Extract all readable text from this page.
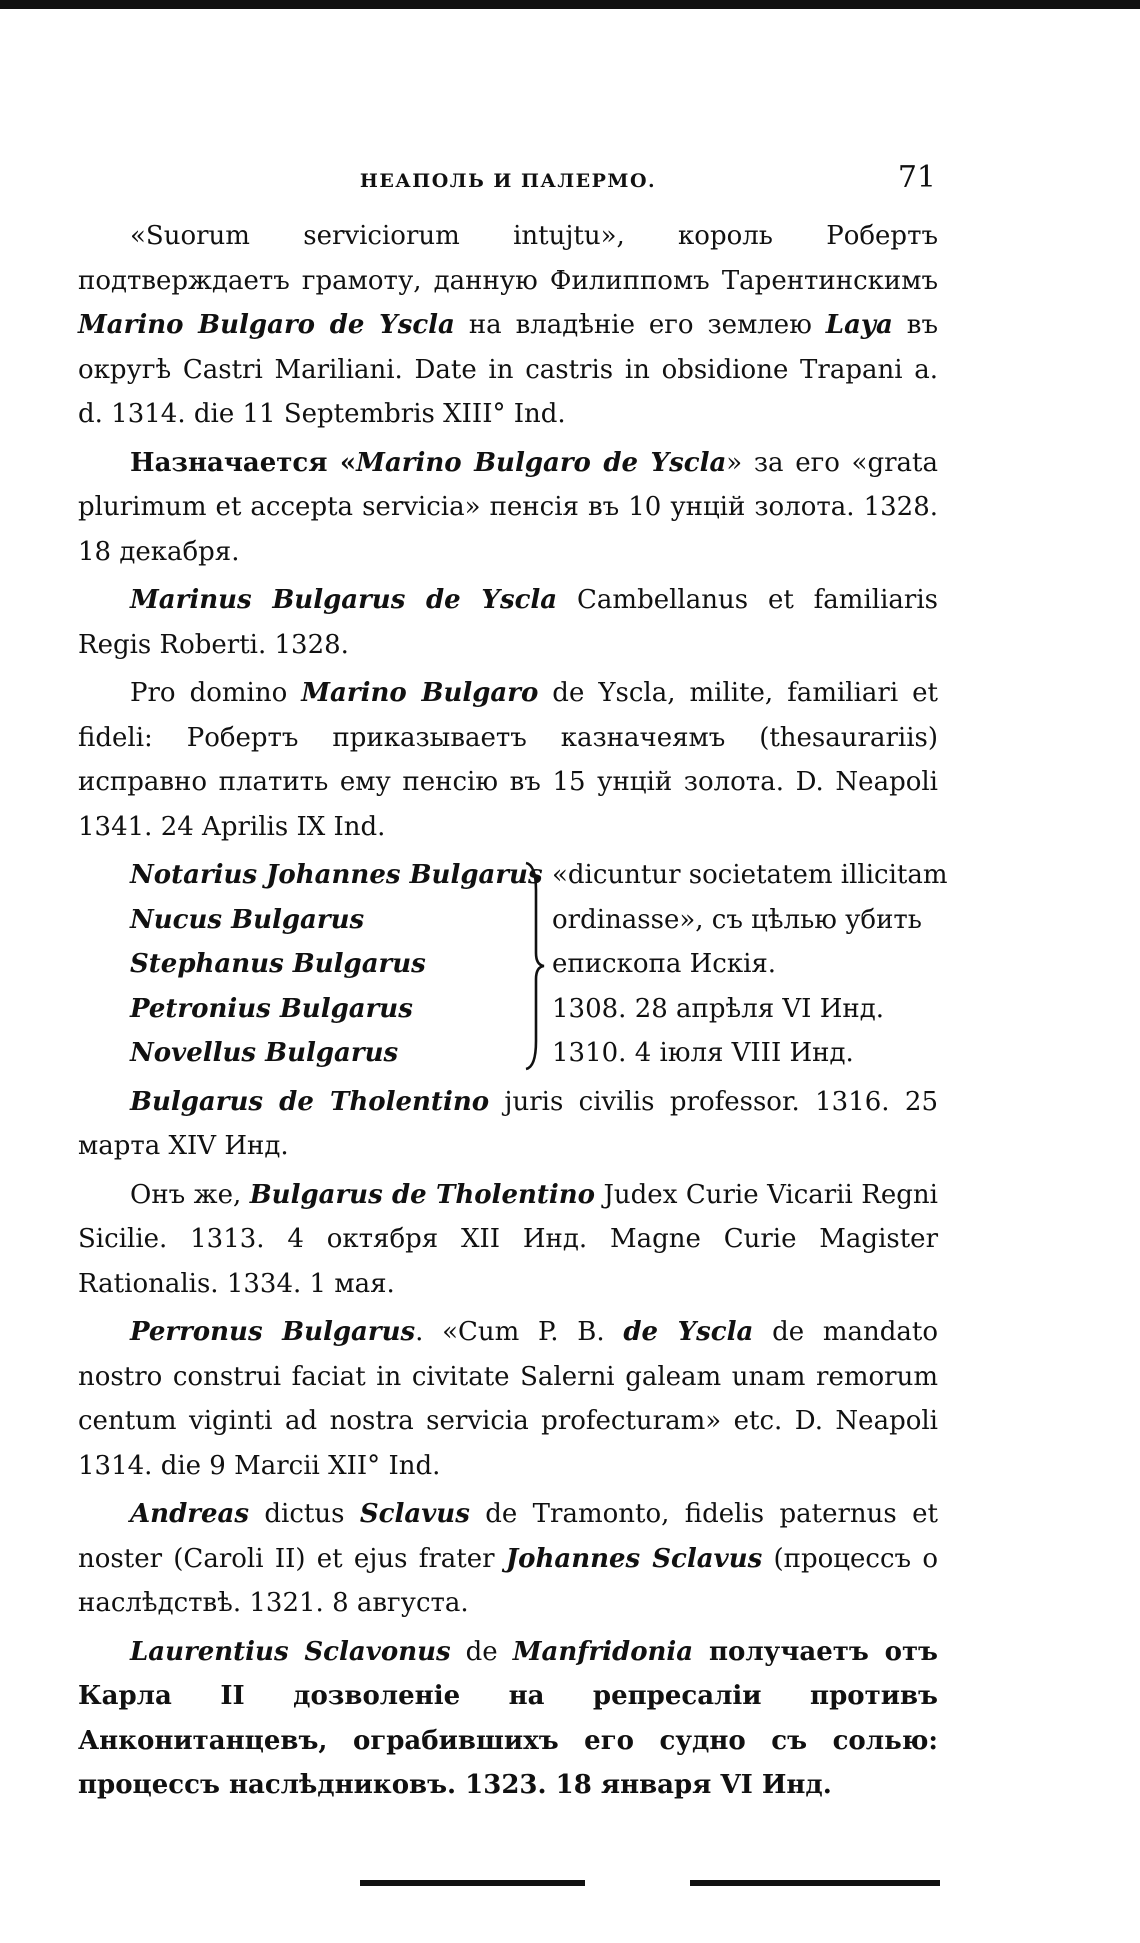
НЕАПОЛЬ И ПАЛЕРМО.	71

«Suorum serviciorum intujtu», король Робертъ подтверждаетъ грамоту, данную Филиппомъ Тарентинскимъ Marino Bulgaro de Yscla на владѣніе его землею Laya въ округѣ Castri Mariliani. Date in castris in obsidione Trapani a. d. 1314. die 11 Septembris XIII° Ind.

Назначается «Marino Bulgaro de Yscla» за его «grata plurimum et accepta servicia» пенсія въ 10 унцій золота. 1328. 18 декабря.

Marinus Bulgarus de Yscla Cambellanus et familiaris Regis Roberti. 1328.

Pro domino Marino Bulgaro de Yscla, milite, familiari et fideli: Робертъ приказываетъ казначеямъ (thesaurariis) исправно платить ему пенсію въ 15 унцій золота. D. Neapoli 1341. 24 Aprilis IX Ind.

Notarius Johannes Bulgarus
Nucus Bulgarus
Stephanus Bulgarus
Petronius Bulgarus
Novellus Bulgarus
«dicuntur societatem illicitam
ordinasse», съ цѣлью убить
епископа Искія.
1308. 28 апрѣля VI Инд.
1310. 4 іюля VIII Инд.

Bulgarus de Tholentino juris civilis professor. 1316. 25 марта XIV Инд.

Онъ же, Bulgarus de Tholentino Judex Curie Vicarii Regni Sicilie. 1313. 4 октября XII Инд. Magne Curie Magister Rationalis. 1334. 1 мая.

Perronus Bulgarus. «Cum P. B. de Yscla de mandato nostro construi faciat in civitate Salerni galeam unam remorum centum viginti ad nostra servicia profecturam» etc. D. Neapoli 1314. die 9 Marcii XII° Ind.

Andreas dictus Sclavus de Tramonto, fidelis paternus et noster (Caroli II) et ejus frater Johannes Sclavus (процессъ о наслѣдствѣ. 1321. 8 августа.

Laurentius Sclavonus de Manfridonia получаетъ отъ Карла II дозволеніе на репресаліи противъ Анконитанцевъ, ограбившихъ его судно съ солью: процессъ наслѣдниковъ. 1323. 18 января VI Инд.
